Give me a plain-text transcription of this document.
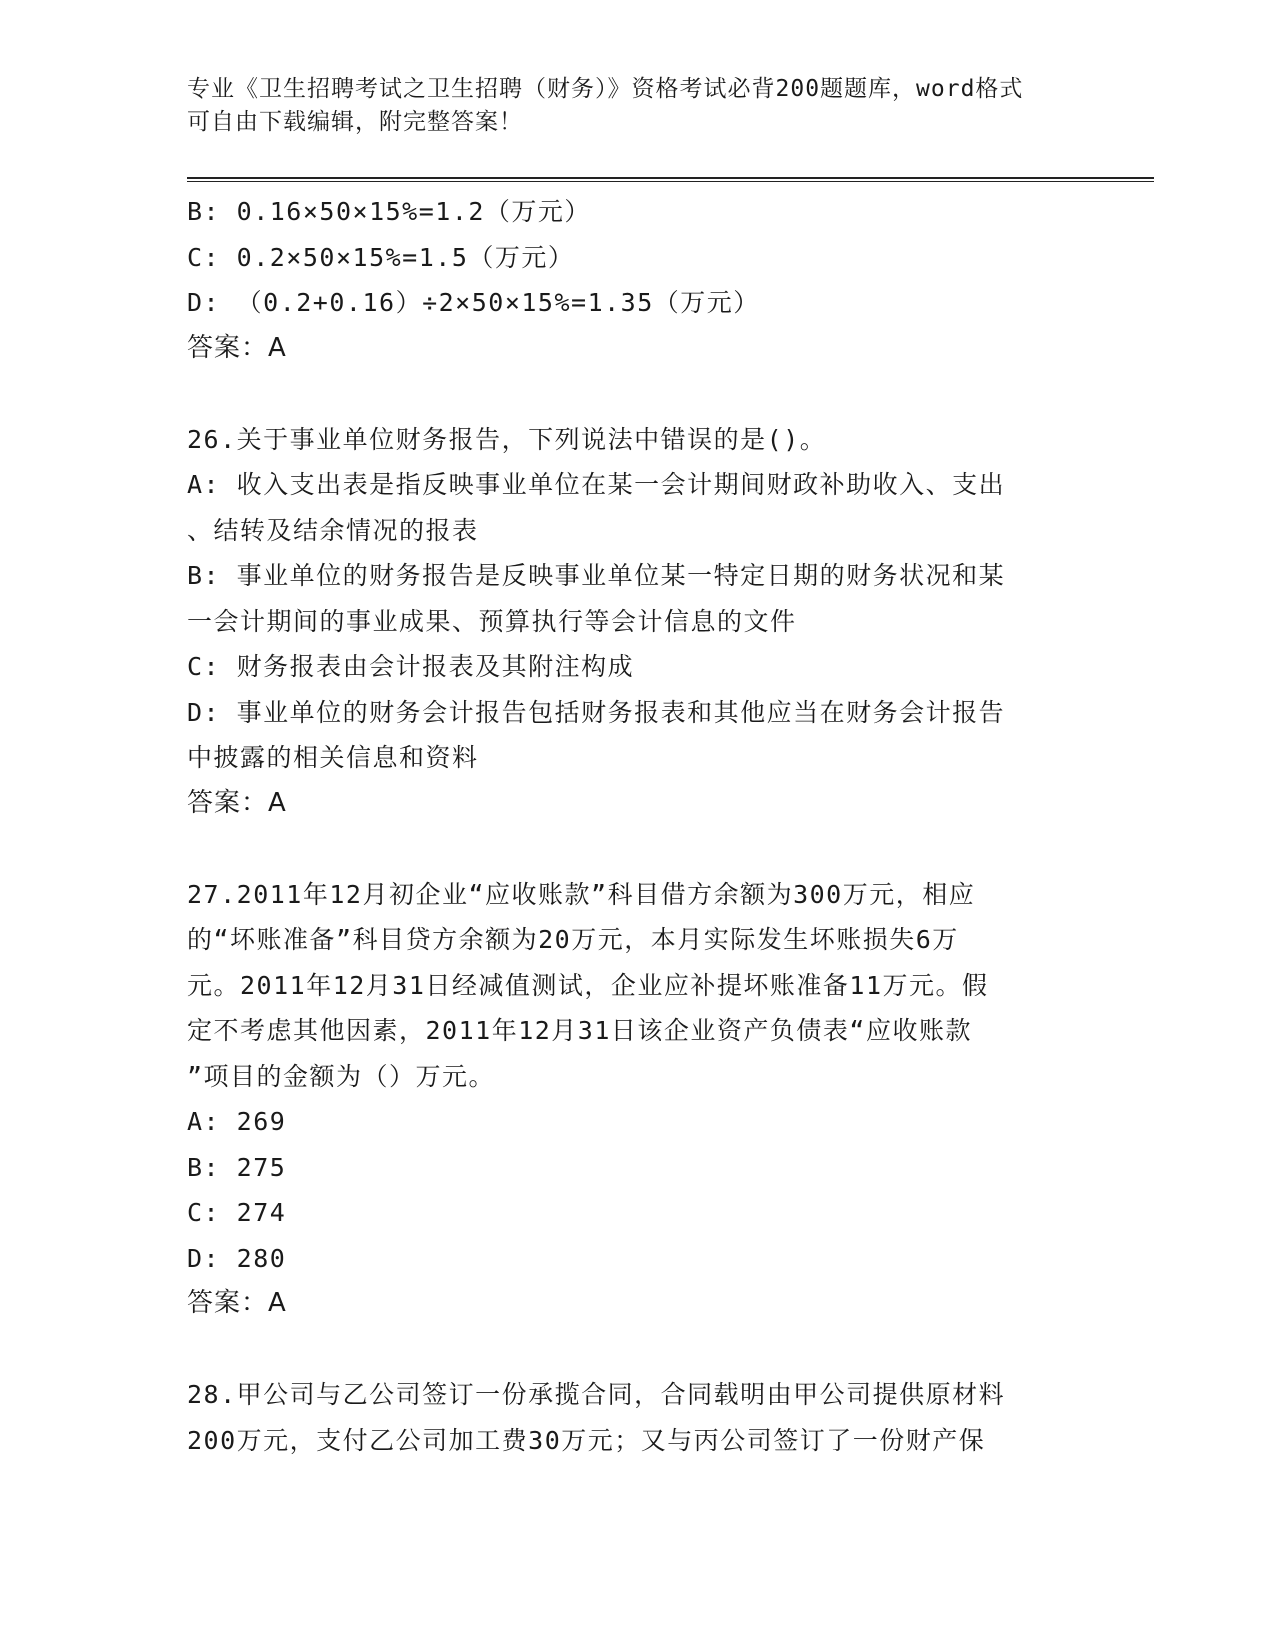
专业《卫生招聘考试之卫生招聘（财务）》资格考试必背200题题库，word格式
可自由下载编辑，附完整答案！
B: 0.16×50×15%=1.2（万元）
C: 0.2×50×15%=1.5（万元）
D: （0.2+0.16）÷2×50×15%=1.35（万元）
答案：A
26.关于事业单位财务报告，下列说法中错误的是()。
A: 收入支出表是指反映事业单位在某一会计期间财政补助收入、支出
、结转及结余情况的报表
B: 事业单位的财务报告是反映事业单位某一特定日期的财务状况和某
一会计期间的事业成果、预算执行等会计信息的文件
C: 财务报表由会计报表及其附注构成
D: 事业单位的财务会计报告包括财务报表和其他应当在财务会计报告
中披露的相关信息和资料
答案：A
27.2011年12月初企业“应收账款”科目借方余额为300万元，相应
的“坏账准备”科目贷方余额为20万元，本月实际发生坏账损失6万
元。2011年12月31日经减值测试，企业应补提坏账准备11万元。假
定不考虑其他因素，2011年12月31日该企业资产负债表“应收账款
”项目的金额为（）万元。
A: 269
B: 275
C: 274
D: 280
答案：A
28.甲公司与乙公司签订一份承揽合同，合同载明由甲公司提供原材料
200万元，支付乙公司加工费30万元；又与丙公司签订了一份财产保
